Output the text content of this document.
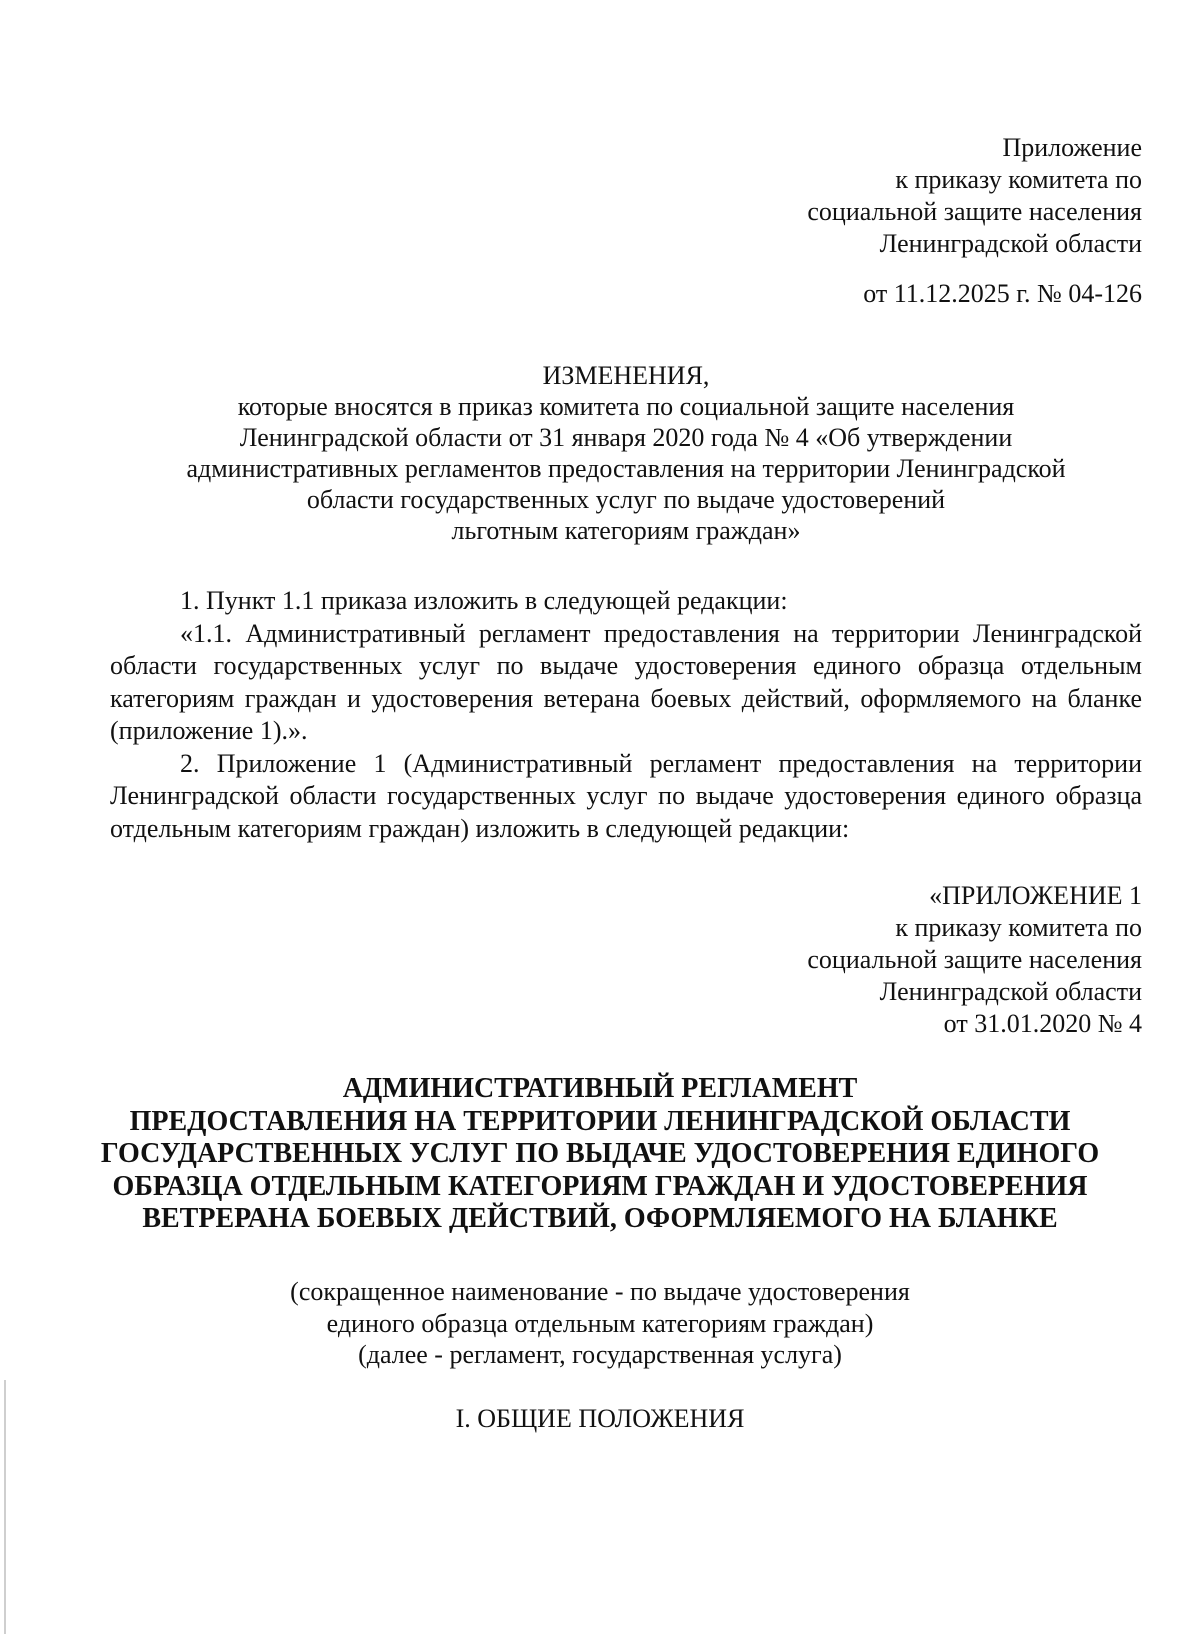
Приложение
к приказу комитета по
социальной защите населения
Ленинградской области
от 11.12.2025 г. № 04-126
ИЗМЕНЕНИЯ,
которые вносятся в приказ комитета по социальной защите населения
Ленинградской области от 31 января 2020 года № 4 «Об утверждении
административных регламентов предоставления на территории Ленинградской
области государственных услуг по выдаче удостоверений
льготным категориям граждан»
1. Пункт 1.1 приказа изложить в следующей редакции:
«1.1. Административный регламент предоставления на территории Ленинградской области государственных услуг по выдаче удостоверения единого образца отдельным категориям граждан и удостоверения ветерана боевых действий, оформляемого на бланке (приложение 1).».
2. Приложение 1 (Административный регламент предоставления на территории Ленинградской области государственных услуг по выдаче удостоверения единого образца отдельным категориям граждан) изложить в следующей редакции:
«ПРИЛОЖЕНИЕ 1
к приказу комитета по
социальной защите населения
Ленинградской области
от 31.01.2020 № 4
АДМИНИСТРАТИВНЫЙ РЕГЛАМЕНТ
ПРЕДОСТАВЛЕНИЯ НА ТЕРРИТОРИИ ЛЕНИНГРАДСКОЙ ОБЛАСТИ
ГОСУДАРСТВЕННЫХ УСЛУГ ПО ВЫДАЧЕ УДОСТОВЕРЕНИЯ ЕДИНОГО
ОБРАЗЦА ОТДЕЛЬНЫМ КАТЕГОРИЯМ ГРАЖДАН И УДОСТОВЕРЕНИЯ
ВЕТРЕРАНА БОЕВЫХ ДЕЙСТВИЙ, ОФОРМЛЯЕМОГО НА БЛАНКЕ
(сокращенное наименование - по выдаче удостоверения
единого образца отдельным категориям граждан)
(далее - регламент, государственная услуга)
I. ОБЩИЕ ПОЛОЖЕНИЯ
